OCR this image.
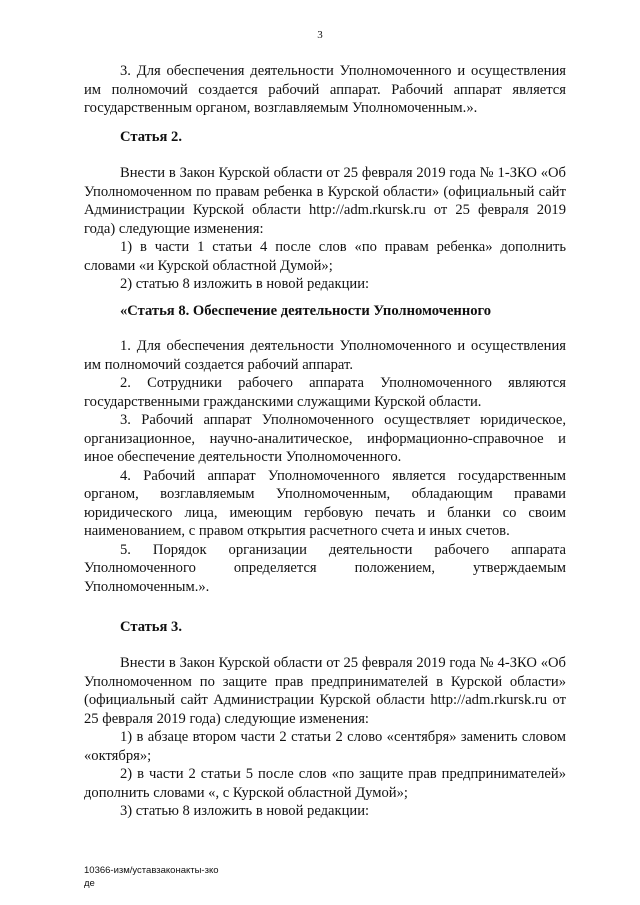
3

3. Для обеспечения деятельности Уполномоченного и осуществления им полномочий создается рабочий аппарат. Рабочий аппарат является государственным органом, возглавляемым Уполномоченным.».

Статья 2.

Внести в Закон Курской области от 25 февраля 2019 года № 1-ЗКО «Об Уполномоченном по правам ребенка в Курской области» (официальный сайт Администрации Курской области http://adm.rkursk.ru от 25 февраля 2019 года) следующие изменения:

1) в части 1 статьи 4 после слов «по правам ребенка» дополнить словами «и Курской областной Думой»;

2) статью 8 изложить в новой редакции:

«Статья 8. Обеспечение деятельности Уполномоченного

1. Для обеспечения деятельности Уполномоченного и осуществления им полномочий создается рабочий аппарат.

2. Сотрудники рабочего аппарата Уполномоченного являются государственными гражданскими служащими Курской области.

3. Рабочий аппарат Уполномоченного осуществляет юридическое, организационное, научно-аналитическое, информационно-справочное и иное обеспечение деятельности Уполномоченного.

4. Рабочий аппарат Уполномоченного является государственным органом, возглавляемым Уполномоченным, обладающим правами юридического лица, имеющим гербовую печать и бланки со своим наименованием, с правом открытия расчетного счета и иных счетов.

5. Порядок организации деятельности рабочего аппарата Уполномоченного определяется положением, утверждаемым Уполномоченным.».

Статья 3.

Внести в Закон Курской области от 25 февраля 2019 года № 4-ЗКО «Об Уполномоченном по защите прав предпринимателей в Курской области» (официальный сайт Администрации Курской области http://adm.rkursk.ru от 25 февраля 2019 года) следующие изменения:

1) в абзаце втором части 2 статьи 2 слово «сентября» заменить словом «октября»;

2) в части 2 статьи 5 после слов «по защите прав предпринимателей» дополнить словами «, с Курской областной Думой»;

3) статью 8 изложить в новой редакции:

10366-изм/уставзаконакты-зко
де
